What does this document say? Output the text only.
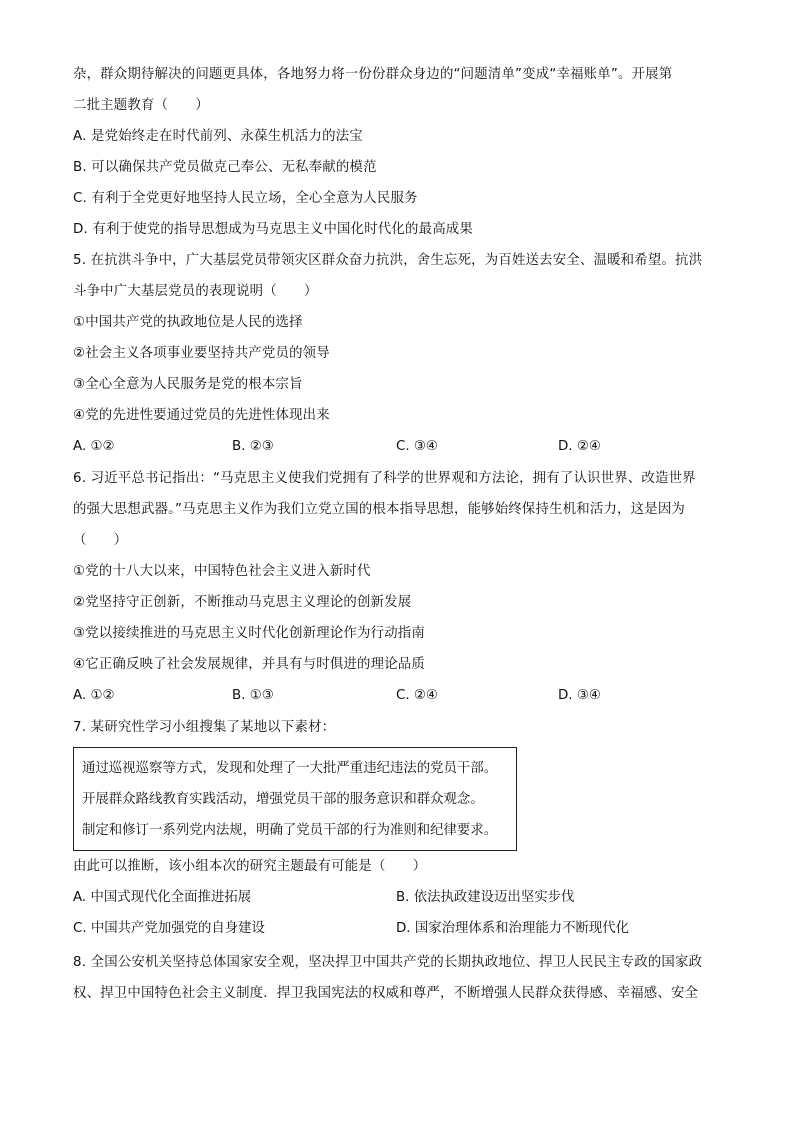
杂，群众期待解决的问题更具体，各地努力将一份份群众身边的“问题清单”变成“幸福账单”。开展第
二批主题教育（　　）
A. 是党始终走在时代前列、永葆生机活力的法宝
B. 可以确保共产党员做克己奉公、无私奉献的模范
C. 有利于全党更好地坚持人民立场，全心全意为人民服务
D. 有利于使党的指导思想成为马克思主义中国化时代化的最高成果
5. 在抗洪斗争中，广大基层党员带领灾区群众奋力抗洪，舍生忘死，为百姓送去安全、温暖和希望。抗洪
斗争中广大基层党员的表现说明（　　）
①中国共产党的执政地位是人民的选择
②社会主义各项事业要坚持共产党员的领导
③全心全意为人民服务是党的根本宗旨
④党的先进性要通过党员的先进性体现出来
A. ①②	B. ②③	C. ③④	D. ②④
6. 习近平总书记指出：“马克思主义使我们党拥有了科学的世界观和方法论，拥有了认识世界、改造世界
的强大思想武器。”马克思主义作为我们立党立国的根本指导思想，能够始终保持生机和活力，这是因为
（　　）
①党的十八大以来，中国特色社会主义进入新时代
②党坚持守正创新，不断推动马克思主义理论的创新发展
③党以接续推进的马克思主义时代化创新理论作为行动指南
④它正确反映了社会发展规律，并具有与时俱进的理论品质
A. ①②	B. ①③	C. ②④	D. ③④
7. 某研究性学习小组搜集了某地以下素材：
通过巡视巡察等方式，发现和处理了一大批严重违纪违法的党员干部。
开展群众路线教育实践活动，增强党员干部的服务意识和群众观念。
制定和修订一系列党内法规，明确了党员干部的行为准则和纪律要求。
由此可以推断，该小组本次的研究主题最有可能是（　　）
A. 中国式现代化全面推进拓展	B. 依法执政建设迈出坚实步伐
C. 中国共产党加强党的自身建设	D. 国家治理体系和治理能力不断现代化
8. 全国公安机关坚持总体国家安全观，坚决捍卫中国共产党的长期执政地位、捍卫人民民主专政的国家政
权、捍卫中国特色社会主义制度．捍卫我国宪法的权威和尊严，不断增强人民群众获得感、幸福感、安全
